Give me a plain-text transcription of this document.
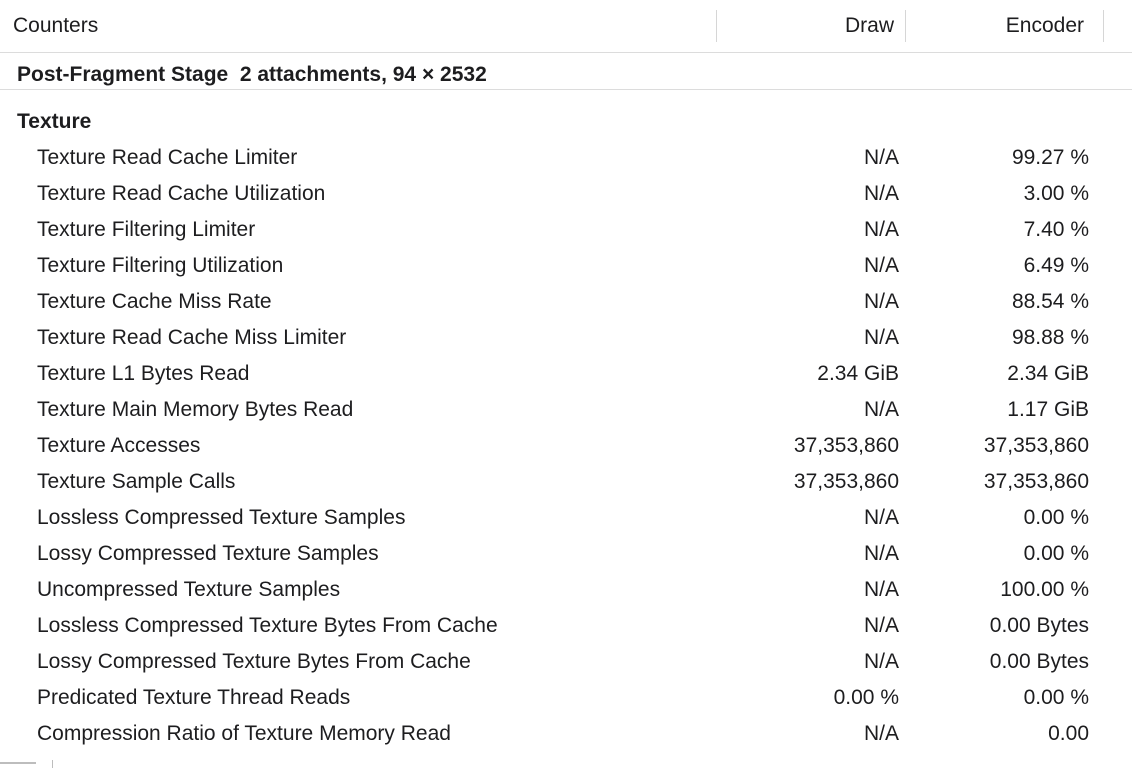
Counters	Draw	Encoder
Post-Fragment Stage  2 attachments, 94 × 2532
Texture
Texture Read Cache Limiter	N/A	99.27 %
Texture Read Cache Utilization	N/A	3.00 %
Texture Filtering Limiter	N/A	7.40 %
Texture Filtering Utilization	N/A	6.49 %
Texture Cache Miss Rate	N/A	88.54 %
Texture Read Cache Miss Limiter	N/A	98.88 %
Texture L1 Bytes Read	2.34 GiB	2.34 GiB
Texture Main Memory Bytes Read	N/A	1.17 GiB
Texture Accesses	37,353,860	37,353,860
Texture Sample Calls	37,353,860	37,353,860
Lossless Compressed Texture Samples	N/A	0.00 %
Lossy Compressed Texture Samples	N/A	0.00 %
Uncompressed Texture Samples	N/A	100.00 %
Lossless Compressed Texture Bytes From Cache	N/A	0.00 Bytes
Lossy Compressed Texture Bytes From Cache	N/A	0.00 Bytes
Predicated Texture Thread Reads	0.00 %	0.00 %
Compression Ratio of Texture Memory Read	N/A	0.00
